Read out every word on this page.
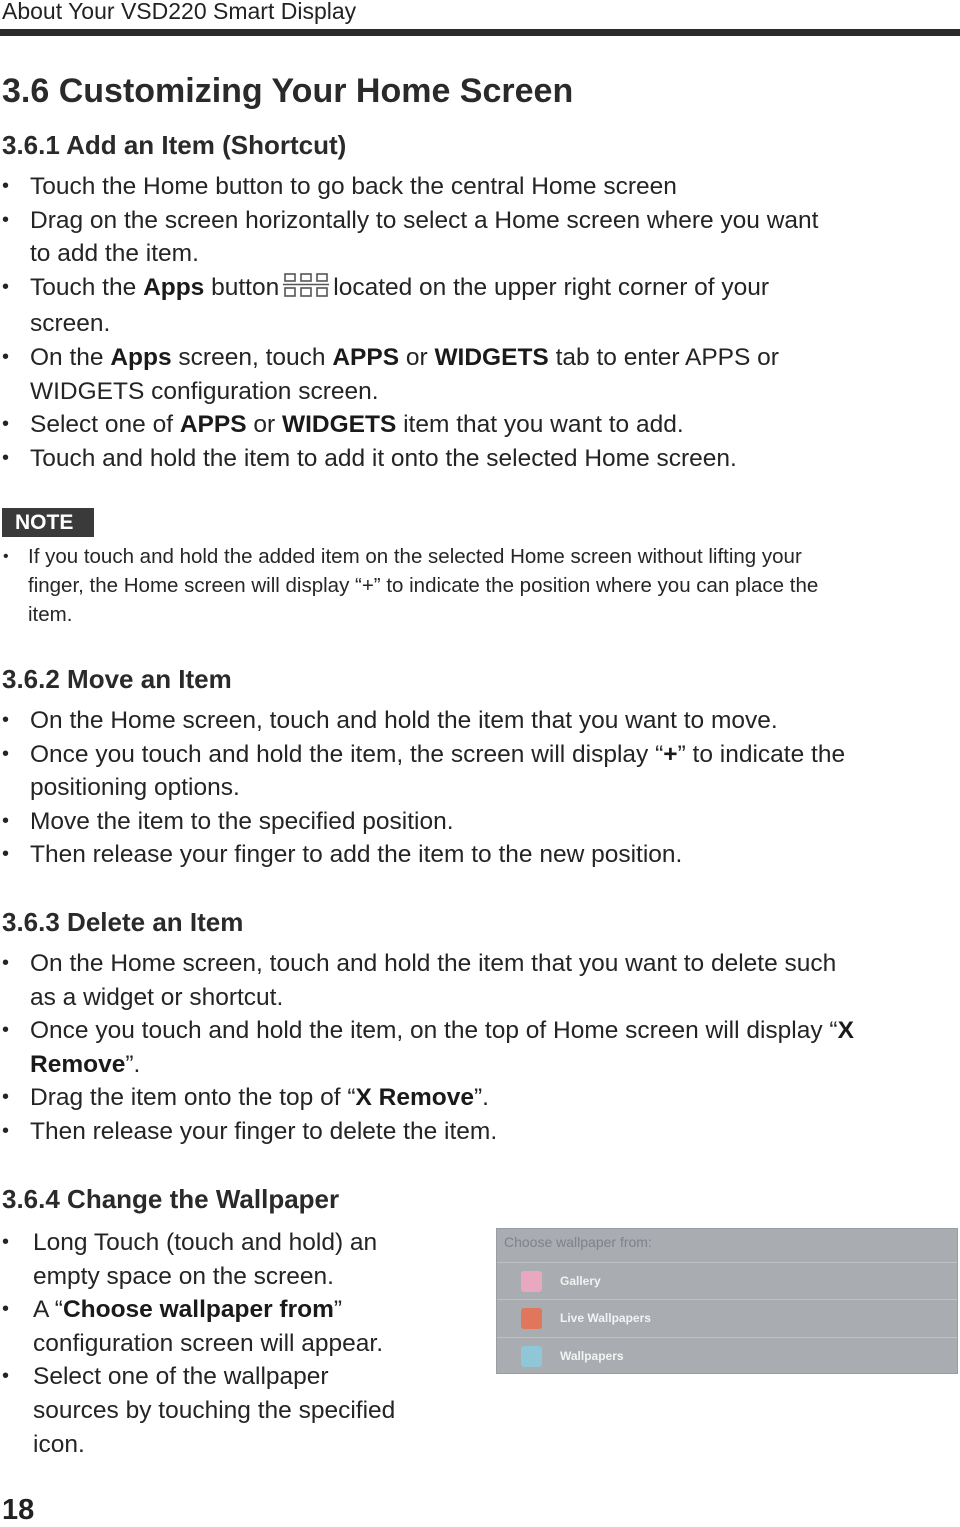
About Your VSD220 Smart Display
3.6 Customizing Your Home Screen
3.6.1 Add an Item (Shortcut)
• Touch the Home button to go back the central Home screen
• Drag on the screen horizontally to select a Home screen where you want
to add the item.
• Touch the Apps button located on the upper right corner of your
screen.
• On the Apps screen, touch APPS or WIDGETS tab to enter APPS or
WIDGETS configuration screen.
• Select one of APPS or WIDGETS item that you want to add.
• Touch and hold the item to add it onto the selected Home screen.
NOTE
• If you touch and hold the added item on the selected Home screen without lifting your
finger, the Home screen will display “+” to indicate the position where you can place the
item.
3.6.2 Move an Item
• On the Home screen, touch and hold the item that you want to move.
• Once you touch and hold the item, the screen will display “+” to indicate the
positioning options.
• Move the item to the specified position.
• Then release your finger to add the item to the new position.
3.6.3 Delete an Item
• On the Home screen, touch and hold the item that you want to delete such
as a widget or shortcut.
• Once you touch and hold the item, on the top of Home screen will display “X
Remove”.
• Drag the item onto the top of “X Remove”.
• Then release your finger to delete the item.
3.6.4 Change the Wallpaper
• Long Touch (touch and hold) an
empty space on the screen.
• A “Choose wallpaper from”
configuration screen will appear.
• Select one of the wallpaper
sources by touching the specified
icon.
Choose wallpaper from:
Gallery
Live Wallpapers
Wallpapers
18
